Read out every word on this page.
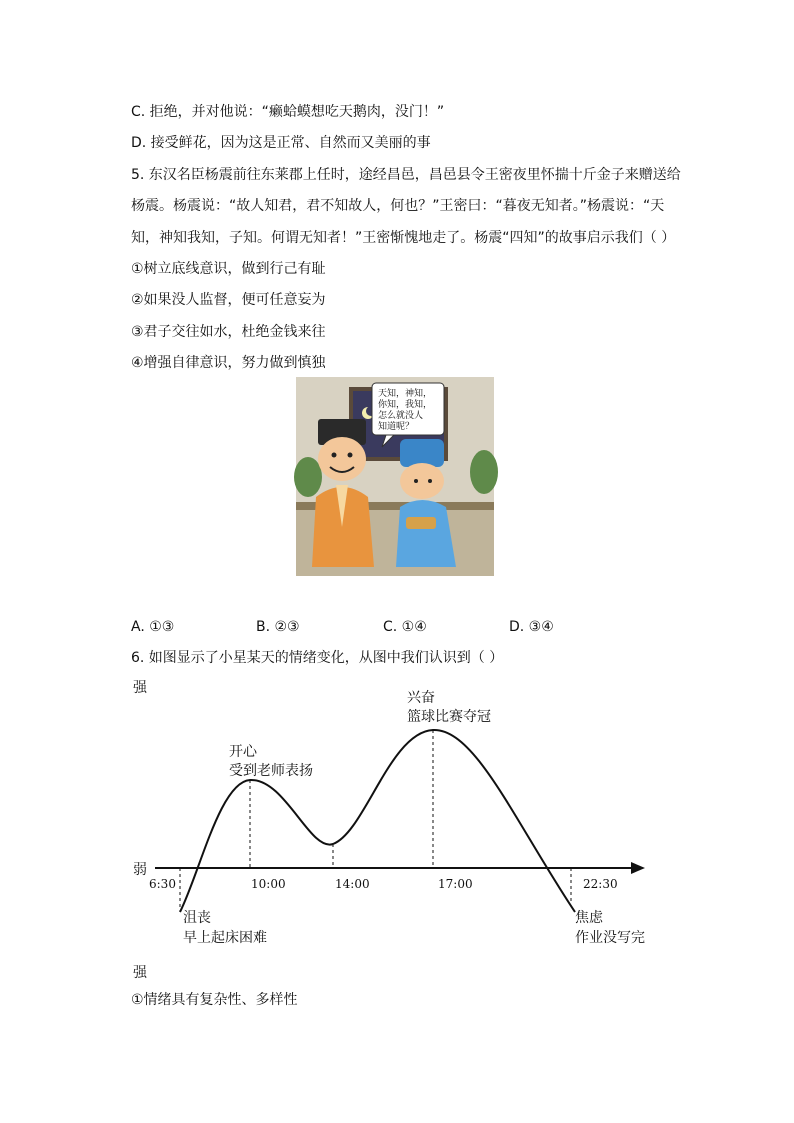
C. 拒绝，并对他说：“癞蛤蟆想吃天鹅肉，没门！”
D. 接受鲜花，因为这是正常、自然而又美丽的事
5. 东汉名臣杨震前往东莱郡上任时，途经昌邑，昌邑县令王密夜里怀揣十斤金子来赠送给
杨震。杨震说：“故人知君，君不知故人，何也？”王密曰：“暮夜无知者。”杨震说：“天
知，神知我知，子知。何谓无知者！”王密惭愧地走了。杨震“四知”的故事启示我们（ ）
①树立底线意识，做到行己有耻
②如果没人监督，便可任意妄为
③君子交往如水，杜绝金钱来往
④增强自律意识，努力做到慎独
天知，神知，
你知，我知，
怎么就没人
知道呢？
A. ①③	B. ②③	C. ①④	D. ③④
6. 如图显示了小星某天的情绪变化，从图中我们认识到（ ）
强
弱
强
6:30	10:00	14:00	17:00	22:30
开心
受到老师表扬
兴奋
篮球比赛夺冠
沮丧
早上起床困难
焦虑
作业没写完
①情绪具有复杂性、多样性
